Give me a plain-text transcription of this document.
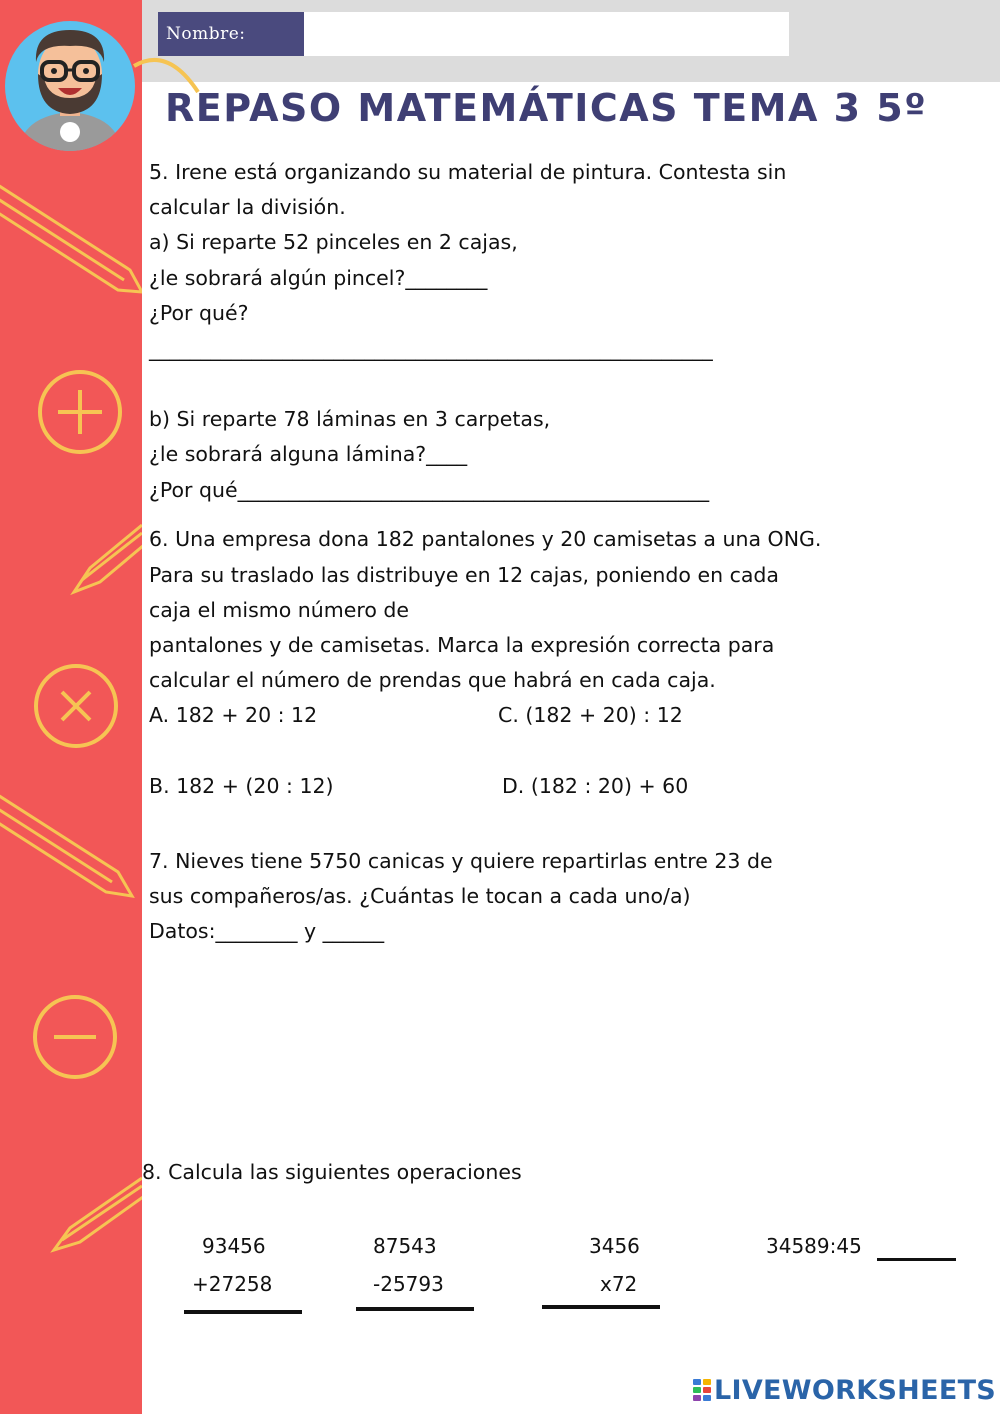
Nombre:
REPASO MATEMÁTICAS TEMA 3 5º
5. Irene está organizando su material de pintura. Contesta sin
calcular la división.
a) Si reparte 52 pinceles en 2 cajas,
¿le sobrará algún pincel?________
¿Por qué?
_______________________________________________________
b) Si reparte 78 láminas en 3 carpetas,
¿le sobrará alguna lámina?____
¿Por qué______________________________________________
6. Una empresa dona 182 pantalones y 20 camisetas a una ONG.
Para su traslado las distribuye en 12 cajas, poniendo en cada
caja el mismo número de
pantalones y de camisetas. Marca la expresión correcta para
calcular el número de prendas que habrá en cada caja.
A. 182 + 20 : 12	C. (182 + 20) : 12
B. 182 + (20 : 12)	D. (182 : 20) + 60
7. Nieves tiene 5750 canicas y quiere repartirlas entre 23 de
sus compañeros/as. ¿Cuántas le tocan a cada uno/a)
Datos:________ y ______
8. Calcula las siguientes operaciones
93456
+27258
87543
-25793
3456
x72
34589:45
LIVEWORKSHEETS
